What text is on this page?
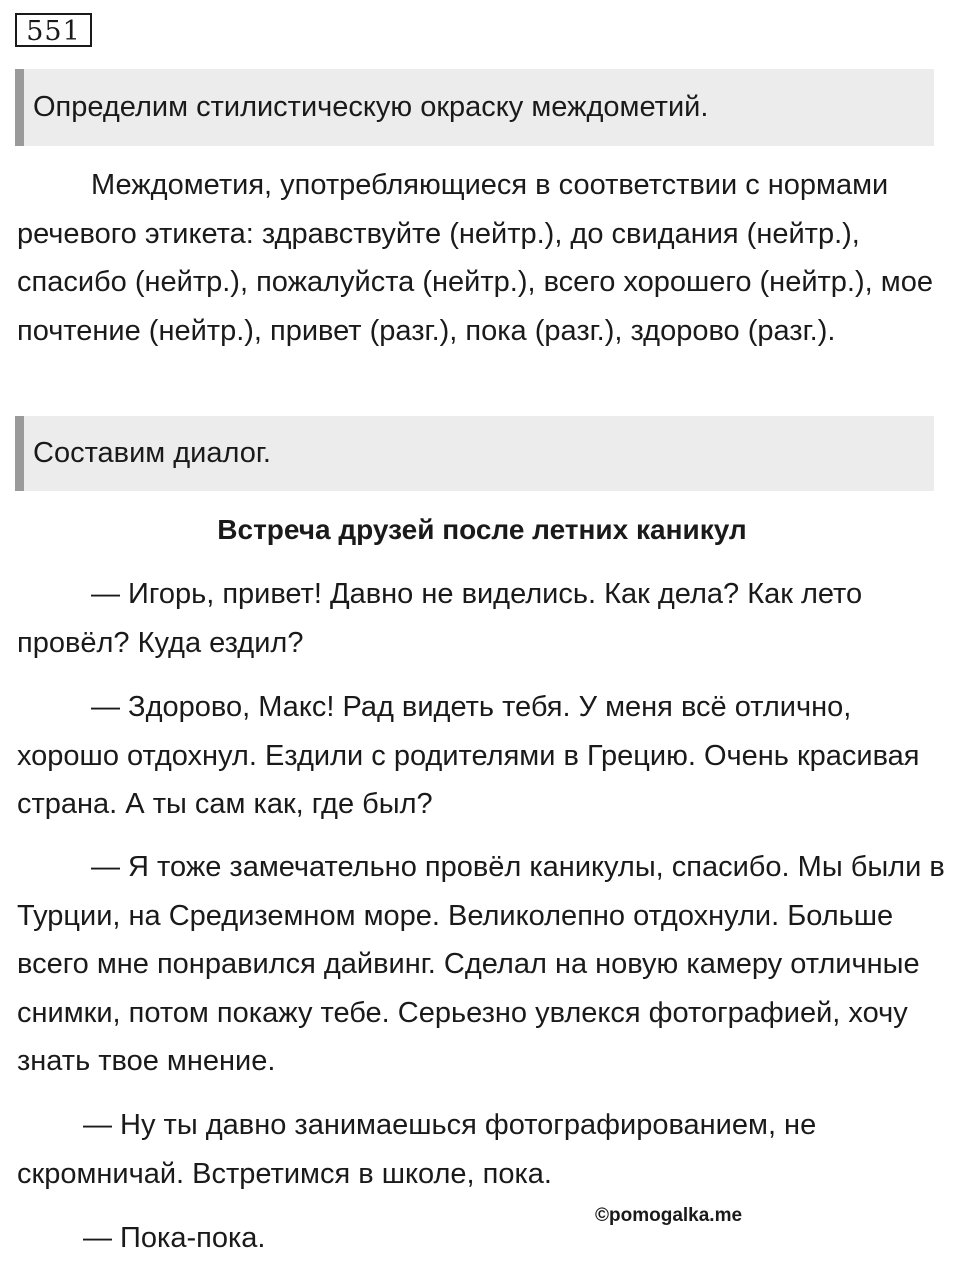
551
Определим стилистическую окраску междометий.

Междометия, употребляющиеся в соответствии с нормами речевого этикета: здравствуйте (нейтр.), до свидания (нейтр.), спасибо (нейтр.), пожалуйста (нейтр.), всего хорошего (нейтр.), мое почтение (нейтр.), привет (разг.), пока (разг.), здорово (разг.).

Составим диалог.
Встреча друзей после летних каникул

— Игорь, привет! Давно не виделись. Как дела? Как лето провёл? Куда ездил?

— Здорово, Макс! Рад видеть тебя. У меня всё отлично, хорошо отдохнул. Ездили с родителями в Грецию. Очень красивая страна. А ты сам как, где был?

— Я тоже замечательно провёл каникулы, спасибо. Мы были в Турции, на Средиземном море. Великолепно отдохнули. Больше всего мне понравился дайвинг. Сделал на новую камеру отличные снимки, потом покажу тебе. Серьезно увлекся фотографией, хочу знать твое мнение.

— Ну ты давно занимаешься фотографированием, не скромничай. Встретимся в школе, пока.

— Пока-пока.

©pomogalka.me
